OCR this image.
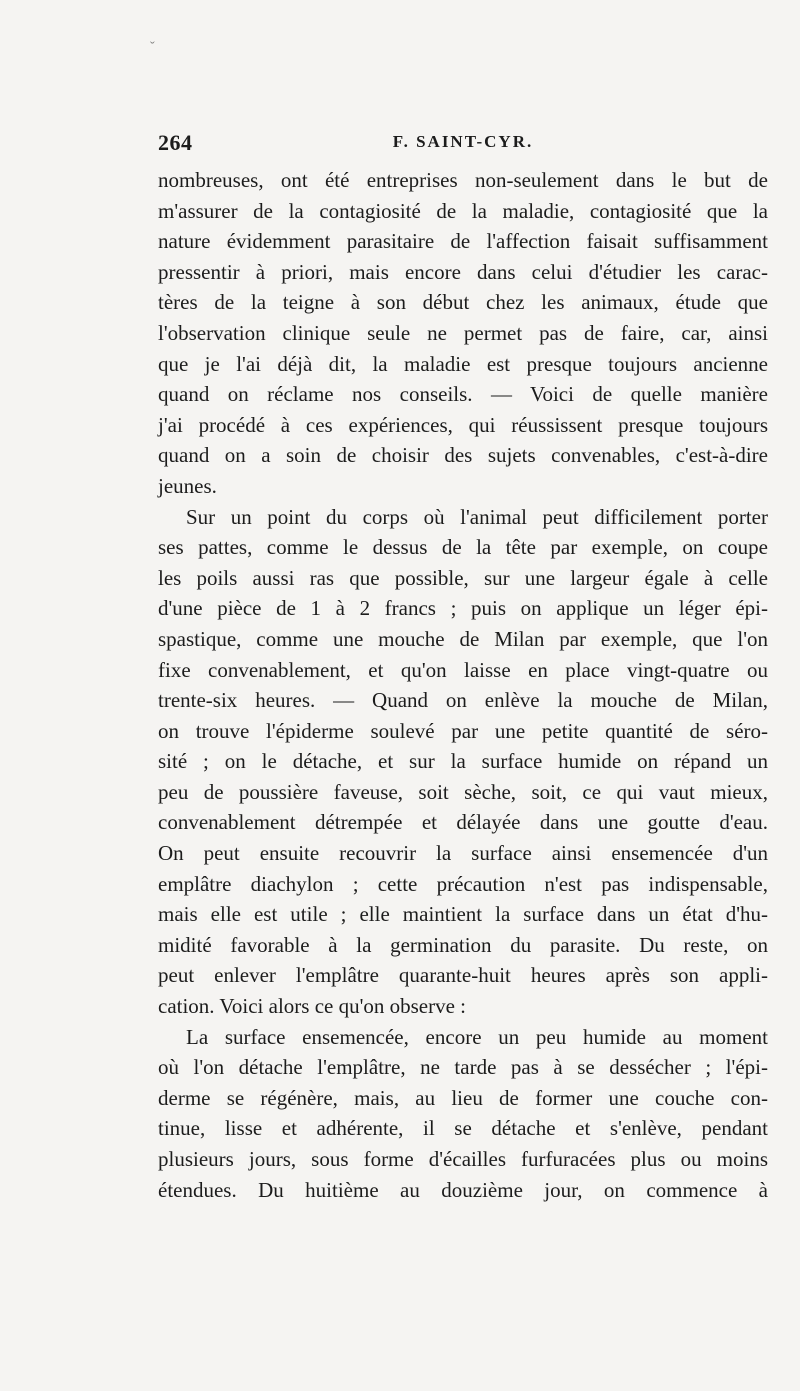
ˇ
264	F. SAINT-CYR.
nombreuses, ont été entreprises non-seulement dans le but de
m'assurer de la contagiosité de la maladie, contagiosité que la
nature évidemment parasitaire de l'affection faisait suffisamment
pressentir à priori, mais encore dans celui d'étudier les carac-
tères de la teigne à son début chez les animaux, étude que
l'observation clinique seule ne permet pas de faire, car, ainsi
que je l'ai déjà dit, la maladie est presque toujours ancienne
quand on réclame nos conseils. — Voici de quelle manière
j'ai procédé à ces expériences, qui réussissent presque toujours
quand on a soin de choisir des sujets convenables, c'est-à-dire
jeunes.
Sur un point du corps où l'animal peut difficilement porter
ses pattes, comme le dessus de la tête par exemple, on coupe
les poils aussi ras que possible, sur une largeur égale à celle
d'une pièce de 1 à 2 francs ; puis on applique un léger épi-
spastique, comme une mouche de Milan par exemple, que l'on
fixe convenablement, et qu'on laisse en place vingt-quatre ou
trente-six heures. — Quand on enlève la mouche de Milan,
on trouve l'épiderme soulevé par une petite quantité de séro-
sité ; on le détache, et sur la surface humide on répand un
peu de poussière faveuse, soit sèche, soit, ce qui vaut mieux,
convenablement détrempée et délayée dans une goutte d'eau.
On peut ensuite recouvrir la surface ainsi ensemencée d'un
emplâtre diachylon ; cette précaution n'est pas indispensable,
mais elle est utile ; elle maintient la surface dans un état d'hu-
midité favorable à la germination du parasite. Du reste, on
peut enlever l'emplâtre quarante-huit heures après son appli-
cation. Voici alors ce qu'on observe :
La surface ensemencée, encore un peu humide au moment
où l'on détache l'emplâtre, ne tarde pas à se dessécher ; l'épi-
derme se régénère, mais, au lieu de former une couche con-
tinue, lisse et adhérente, il se détache et s'enlève, pendant
plusieurs jours, sous forme d'écailles furfuracées plus ou moins
étendues. Du huitième au douzième jour, on commence à
